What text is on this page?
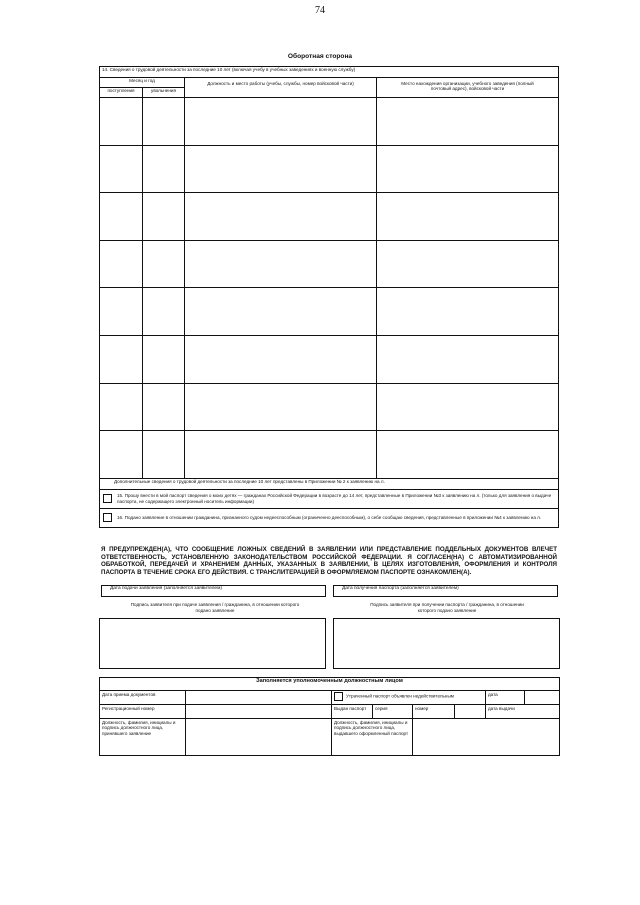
74
Оборотная сторона
14. Сведения о трудовой деятельности за последние 10 лет (включая учебу в учебных заведениях и военную службу)			
Месяц и год		Должность и место работы (учебы, службы, номер войсковой части)	Место нахождения организации, учебного заведения (полный почтовый адрес), войсковой части
поступления	увольнения		

Дополнительные сведения о трудовой деятельности за последние 10 лет представлены в Приложении № 2 к заявлению на л.			

15. Прошу внести в мой паспорт сведения о моих детях — гражданах Российской Федерации в возрасте до 14 лет, представленные в Приложении №3 к заявлению на л. (только для заявления о выдаче паспорта, не содержащего электронный носитель информации)			

16. Подано заявление в отношении гражданина, признанного судом недееспособным (ограниченно дееспособным), о себе сообщаю сведения, представленные в приложении №4 к заявлению на л.			
Я ПРЕДУПРЕЖДЕН(А), ЧТО СООБЩЕНИЕ ЛОЖНЫХ СВЕДЕНИЙ В ЗАЯВЛЕНИИ ИЛИ ПРЕДСТАВЛЕНИЕ ПОДДЕЛЬНЫХ ДОКУМЕНТОВ ВЛЕЧЕТ ОТВЕТСТВЕННОСТЬ, УСТАНОВЛЕННУЮ ЗАКОНОДАТЕЛЬСТВОМ РОССИЙСКОЙ ФЕДЕРАЦИИ. Я СОГЛАСЕН(НА) С АВТОМАТИЗИРОВАННОЙ ОБРАБОТКОЙ, ПЕРЕДАЧЕЙ И ХРАНЕНИЕМ ДАННЫХ, УКАЗАННЫХ В ЗАЯВЛЕНИИ, В ЦЕЛЯХ ИЗГОТОВЛЕНИЯ, ОФОРМЛЕНИЯ И КОНТРОЛЯ ПАСПОРТА В ТЕЧЕНИЕ СРОКА ЕГО ДЕЙСТВИЯ. С ТРАНСЛИТЕРАЦИЕЙ В ОФОРМЛЯЕМОМ ПАСПОРТЕ ОЗНАКОМЛЕН(А).
Дата подачи заявления (заполняется заявителем)	Дата получения паспорта (заполняется заявителем)
Подпись заявителя при подаче заявления / гражданина, в отношении которого подано заявление
Подпись заявителя при получении паспорта / гражданина, в отношении которого подано заявление
Заполняется уполномоченным должностным лицом							
Дата приема документов		Утраченный паспорт объявлен недействительным				дата	
Регистрационный номер		Выдан паспорт	серия	номер		дата выдачи	
Должность, фамилия, инициалы и подпись должностного лица, принявшего заявление		Должность, фамилия, инициалы и подпись должностного лица, выдавшего оформленный паспорт					
